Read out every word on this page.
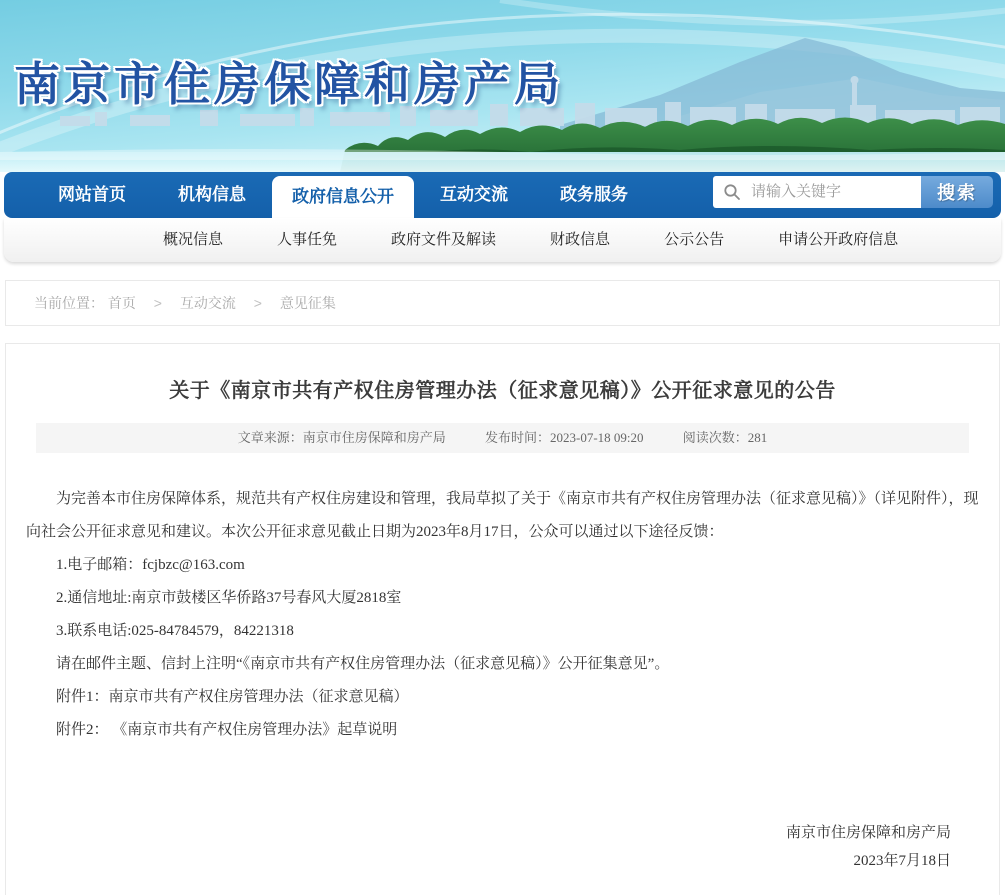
南京市住房保障和房产局
网站首页	机构信息	政府信息公开	互动交流	政务服务
请输入关键字	搜索
概况信息	人事任免	政府文件及解读	财政信息	公示公告	申请公开政府信息
当前位置： 首页 > 互动交流 > 意见征集
关于《南京市共有产权住房管理办法（征求意见稿）》公开征求意见的公告
文章来源：南京市住房保障和房产局	发布时间：2023-07-18 09:20	阅读次数：281

为完善本市住房保障体系，规范共有产权住房建设和管理，我局草拟了关于《南京市共有产权住房管理办法（征求意见稿）》（详见附件），现向社会公开征求意见和建议。本次公开征求意见截止日期为2023年8月17日，公众可以通过以下途径反馈：

1.电子邮箱：fcjbzc@163.com

2.通信地址:南京市鼓楼区华侨路37号春风大厦2818室

3.联系电话:025-84784579，84221318

请在邮件主题、信封上注明“《南京市共有产权住房管理办法（征求意见稿）》公开征集意见”。

附件1：南京市共有产权住房管理办法（征求意见稿）

附件2： 《南京市共有产权住房管理办法》起草说明

南京市住房保障和房产局

2023年7月18日
